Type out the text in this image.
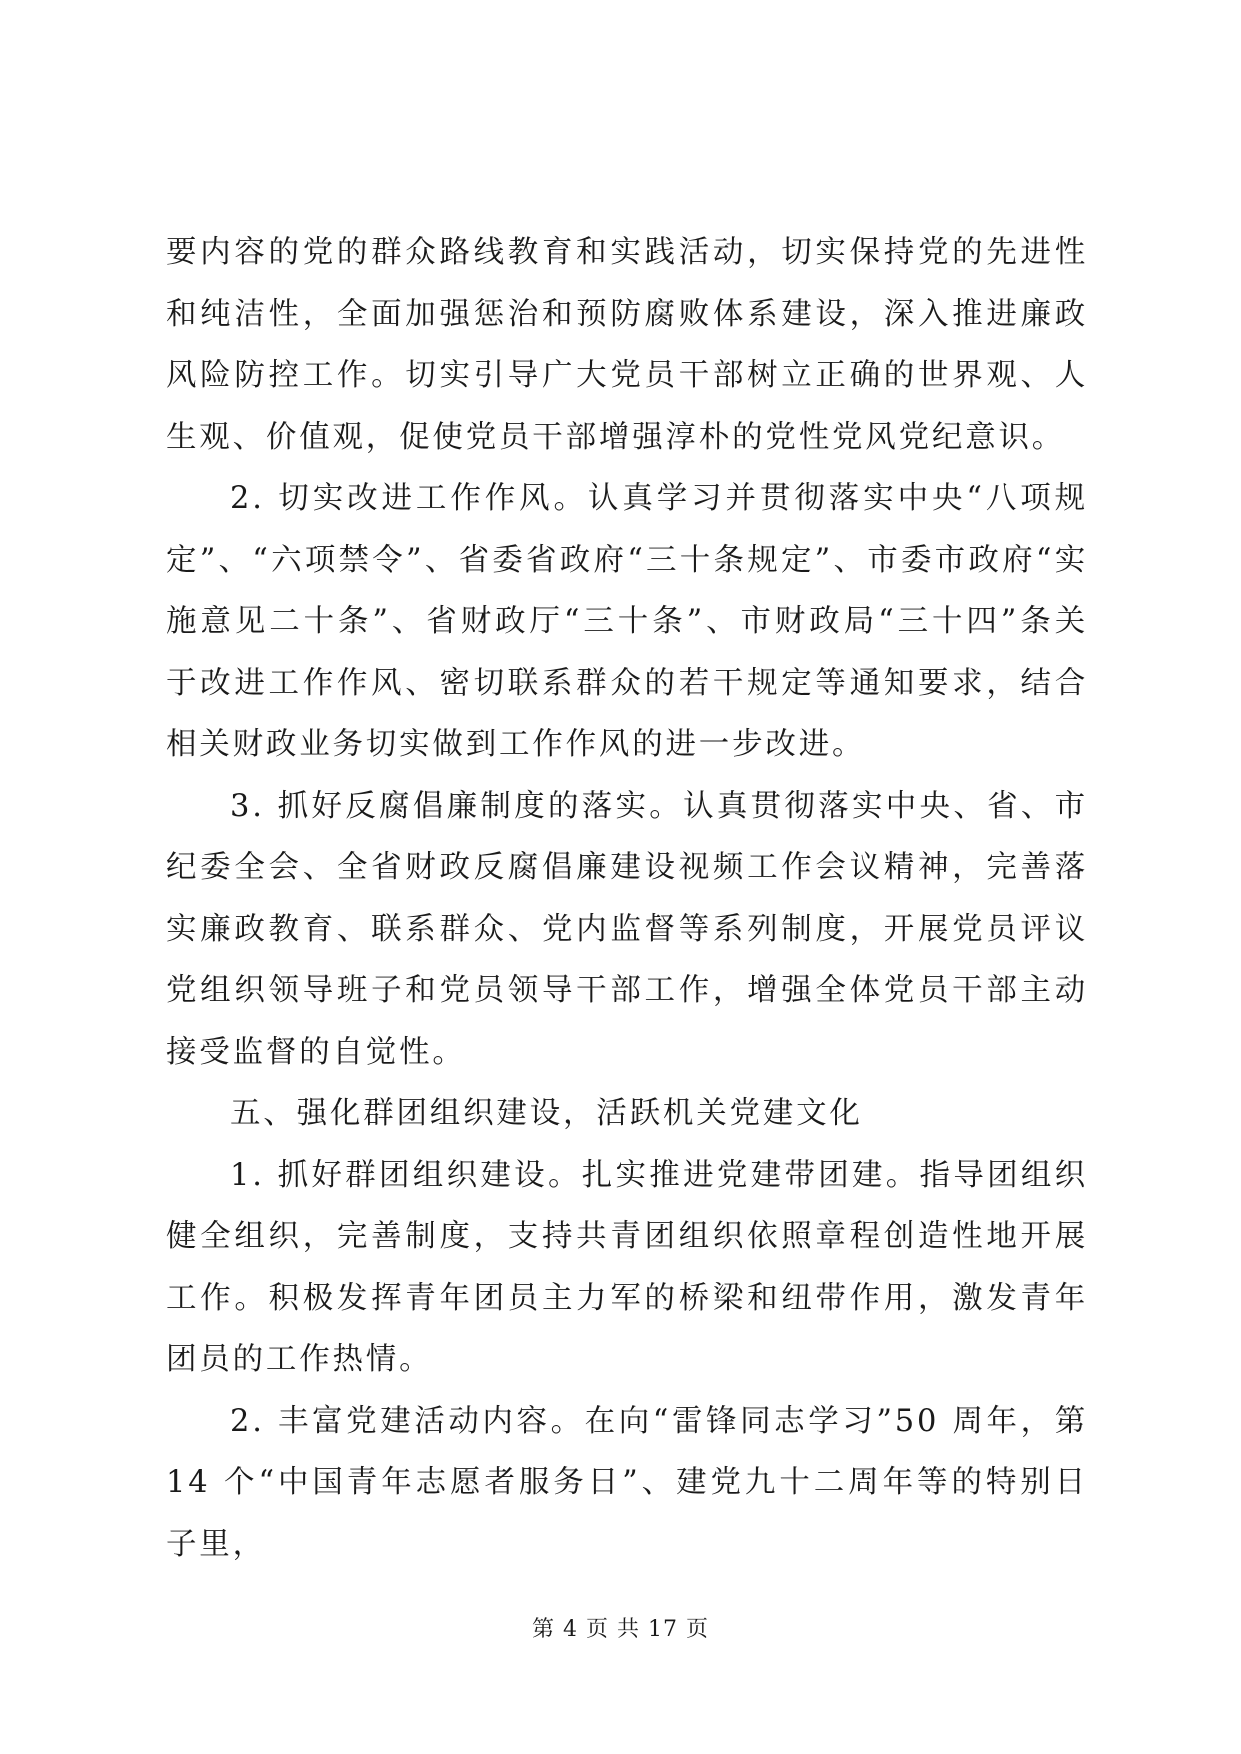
要内容的党的群众路线教育和实践活动，切实保持党的先进性和纯洁性，全面加强惩治和预防腐败体系建设，深入推进廉政风险防控工作。切实引导广大党员干部树立正确的世界观、人生观、价值观，促使党员干部增强淳朴的党性党风党纪意识。

2. 切实改进工作作风。认真学习并贯彻落实中央“八项规定”、“六项禁令”、省委省政府“三十条规定”、市委市政府“实施意见二十条”、省财政厅“三十条”、市财政局“三十四”条关于改进工作作风、密切联系群众的若干规定等通知要求，结合相关财政业务切实做到工作作风的进一步改进。

3. 抓好反腐倡廉制度的落实。认真贯彻落实中央、省、市纪委全会、全省财政反腐倡廉建设视频工作会议精神，完善落实廉政教育、联系群众、党内监督等系列制度，开展党员评议党组织领导班子和党员领导干部工作，增强全体党员干部主动接受监督的自觉性。

五、强化群团组织建设，活跃机关党建文化

1. 抓好群团组织建设。扎实推进党建带团建。指导团组织健全组织，完善制度，支持共青团组织依照章程创造性地开展工作。积极发挥青年团员主力军的桥梁和纽带作用，激发青年团员的工作热情。

2. 丰富党建活动内容。在向“雷锋同志学习”50 周年，第 14 个“中国青年志愿者服务日”、建党九十二周年等的特别日子里，

第 4 页 共 17 页
